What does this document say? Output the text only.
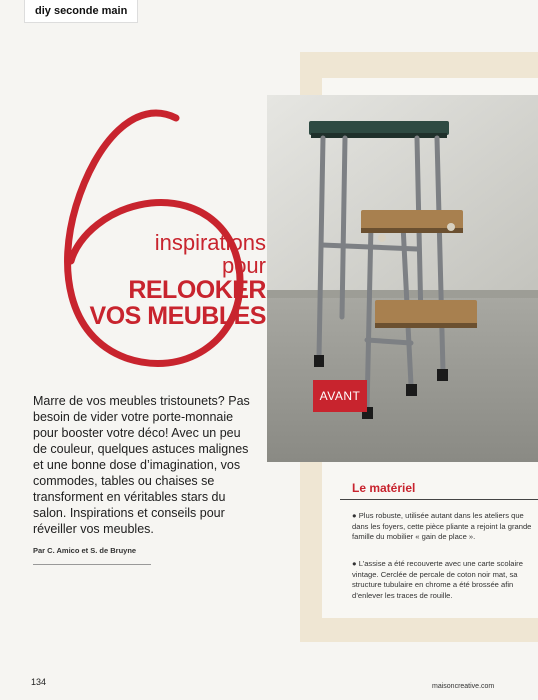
diy seconde main
AVANT
inspirations
pour
RELOOKER
VOS MEUBLES
Marre de vos meubles tristounets? Pas besoin de vider votre porte-monnaie pour booster votre déco! Avec un peu de couleur, quelques astuces malignes et une bonne dose d’imagination, vos commodes, tables ou chaises se transforment en véritables stars du salon. Inspirations et conseils pour réveiller vos meubles.
Par C. Amico et S. de Bruyne
Le matériel
● Plus robuste, utilisée autant dans les ateliers que dans les foyers, cette pièce pliante a rejoint la grande famille du mobilier « gain de place ».
● L’assise a été recouverte avec une carte scolaire vintage. Cerclée de percale de coton noir mat, sa structure tubulaire en chrome a été brossée afin d’enlever les traces de rouille.
134	maisoncreative.com
